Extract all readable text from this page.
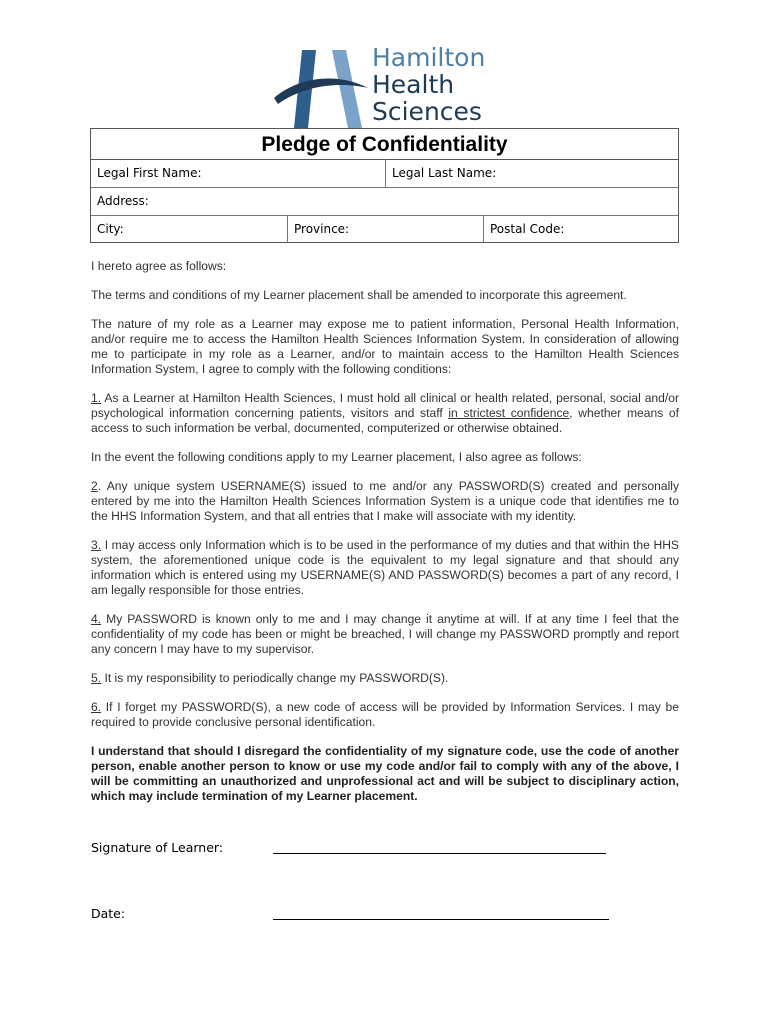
Hamilton
Health
Sciences
Pledge of Confidentiality
Legal First Name:	Legal Last Name:
Address:
City:	Province:	Postal Code:

I hereto agree as follows:

The terms and conditions of my Learner placement shall be amended to incorporate this agreement.

The nature of my role as a Learner may expose me to patient information, Personal Health Information, and/or require me to access the Hamilton Health Sciences Information System. In consideration of allowing me to participate in my role as a Learner, and/or to maintain access to the Hamilton Health Sciences Information System, I agree to comply with the following conditions:

1. As a Learner at Hamilton Health Sciences, I must hold all clinical or health related, personal, social and/or psychological information concerning patients, visitors and staff in strictest confidence, whether means of access to such information be verbal, documented, computerized or otherwise obtained.

In the event the following conditions apply to my Learner placement, I also agree as follows:

2. Any unique system USERNAME(S) issued to me and/or any PASSWORD(S) created and personally entered by me into the Hamilton Health Sciences Information System is a unique code that identifies me to the HHS Information System, and that all entries that I make will associate with my identity.

3. I may access only Information which is to be used in the performance of my duties and that within the HHS system, the aforementioned unique code is the equivalent to my legal signature and that should any information which is entered using my USERNAME(S) AND PASSWORD(S) becomes a part of any record, I am legally responsible for those entries.

4. My PASSWORD is known only to me and I may change it anytime at will. If at any time I feel that the confidentiality of my code has been or might be breached, I will change my PASSWORD promptly and report any concern I may have to my supervisor.

5. It is my responsibility to periodically change my PASSWORD(S).

6. If I forget my PASSWORD(S), a new code of access will be provided by Information Services. I may be required to provide conclusive personal identification.

I understand that should I disregard the confidentiality of my signature code, use the code of another person, enable another person to know or use my code and/or fail to comply with any of the above, I will be committing an unauthorized and unprofessional act and will be subject to disciplinary action, which may include termination of my Learner placement.

Signature of Learner:
Date:
